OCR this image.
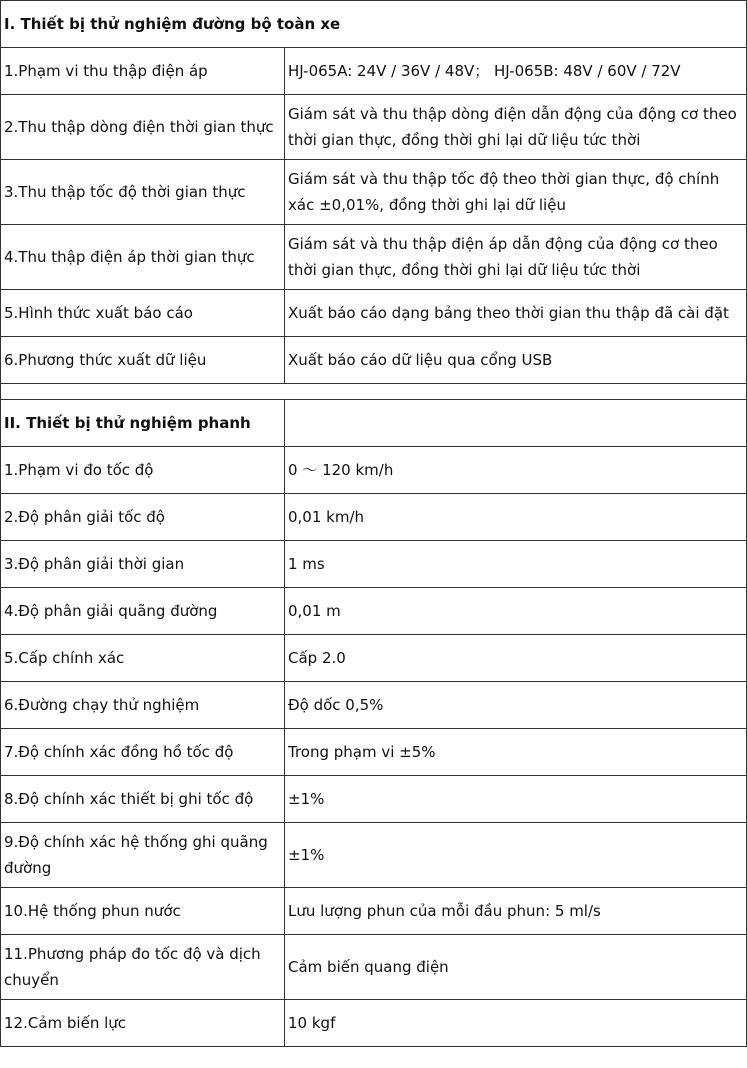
I. Thiết bị thử nghiệm đường bộ toàn xe	
1.Phạm vi thu thập điện áp	HJ-065A: 24V / 36V / 48V； HJ-065B: 48V / 60V / 72V
2.Thu thập dòng điện thời gian thực	Giám sát và thu thập dòng điện dẫn động của động cơ theo thời gian thực, đồng thời ghi lại dữ liệu tức thời
3.Thu thập tốc độ thời gian thực	Giám sát và thu thập tốc độ theo thời gian thực, độ chính xác ±0,01%, đồng thời ghi lại dữ liệu
4.Thu thập điện áp thời gian thực	Giám sát và thu thập điện áp dẫn động của động cơ theo thời gian thực, đồng thời ghi lại dữ liệu tức thời
5.Hình thức xuất báo cáo	Xuất báo cáo dạng bảng theo thời gian thu thập đã cài đặt
6.Phương thức xuất dữ liệu	Xuất báo cáo dữ liệu qua cổng USB

II. Thiết bị thử nghiệm phanh	
1.Phạm vi đo tốc độ	0 ～ 120 km/h
2.Độ phân giải tốc độ	0,01 km/h
3.Độ phân giải thời gian	1 ms
4.Độ phân giải quãng đường	0,01 m
5.Cấp chính xác	Cấp 2.0
6.Đường chạy thử nghiệm	Độ dốc 0,5%
7.Độ chính xác đồng hồ tốc độ	Trong phạm vi ±5%
8.Độ chính xác thiết bị ghi tốc độ	±1%
9.Độ chính xác hệ thống ghi quãng đường	±1%
10.Hệ thống phun nước	Lưu lượng phun của mỗi đầu phun: 5 ml/s
11.Phương pháp đo tốc độ và dịch chuyển	Cảm biến quang điện
12.Cảm biến lực	10 kgf
